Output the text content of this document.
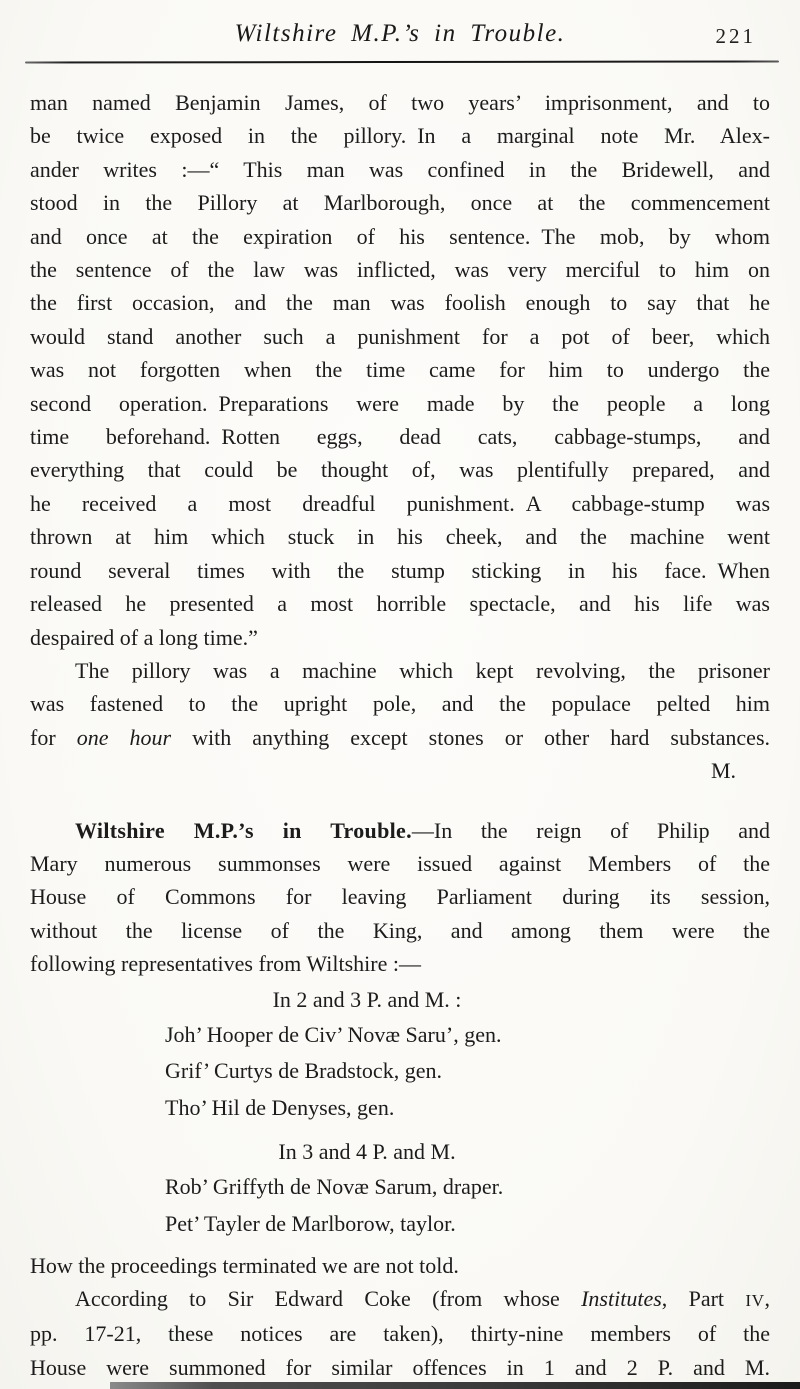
Wiltshire M.P.’s in Trouble.	221
man named Benjamin James, of two years’ imprisonment, and to
be twice exposed in the pillory. In a marginal note Mr. Alex-
ander writes :—“ This man was confined in the Bridewell, and
stood in the Pillory at Marlborough, once at the commencement
and once at the expiration of his sentence. The mob, by whom
the sentence of the law was inflicted, was very merciful to him on
the first occasion, and the man was foolish enough to say that he
would stand another such a punishment for a pot of beer, which
was not forgotten when the time came for him to undergo the
second operation. Preparations were made by the people a long
time beforehand. Rotten eggs, dead cats, cabbage-stumps, and
everything that could be thought of, was plentifully prepared, and
he received a most dreadful punishment. A cabbage-stump was
thrown at him which stuck in his cheek, and the machine went
round several times with the stump sticking in his face. When
released he presented a most horrible spectacle, and his life was
despaired of a long time.”
The pillory was a machine which kept revolving, the prisoner
was fastened to the upright pole, and the populace pelted him
for one hour with anything except stones or other hard substances.
M.
Wiltshire M.P.’s in Trouble.—In the reign of Philip and
Mary numerous summonses were issued against Members of the
House of Commons for leaving Parliament during its session,
without the license of the King, and among them were the
following representatives from Wiltshire :—
In 2 and 3 P. and M. :
Joh’ Hooper de Civ’ Novæ Saru’, gen.
Grif’ Curtys de Bradstock, gen.
Tho’ Hil de Denyses, gen.
In 3 and 4 P. and M.
Rob’ Griffyth de Novæ Sarum, draper.
Pet’ Tayler de Marlborow, taylor.
How the proceedings terminated we are not told.
According to Sir Edward Coke (from whose Institutes, Part IV,
pp. 17-21, these notices are taken), thirty-nine members of the
House were summoned for similar offences in 1 and 2 P. and M.
